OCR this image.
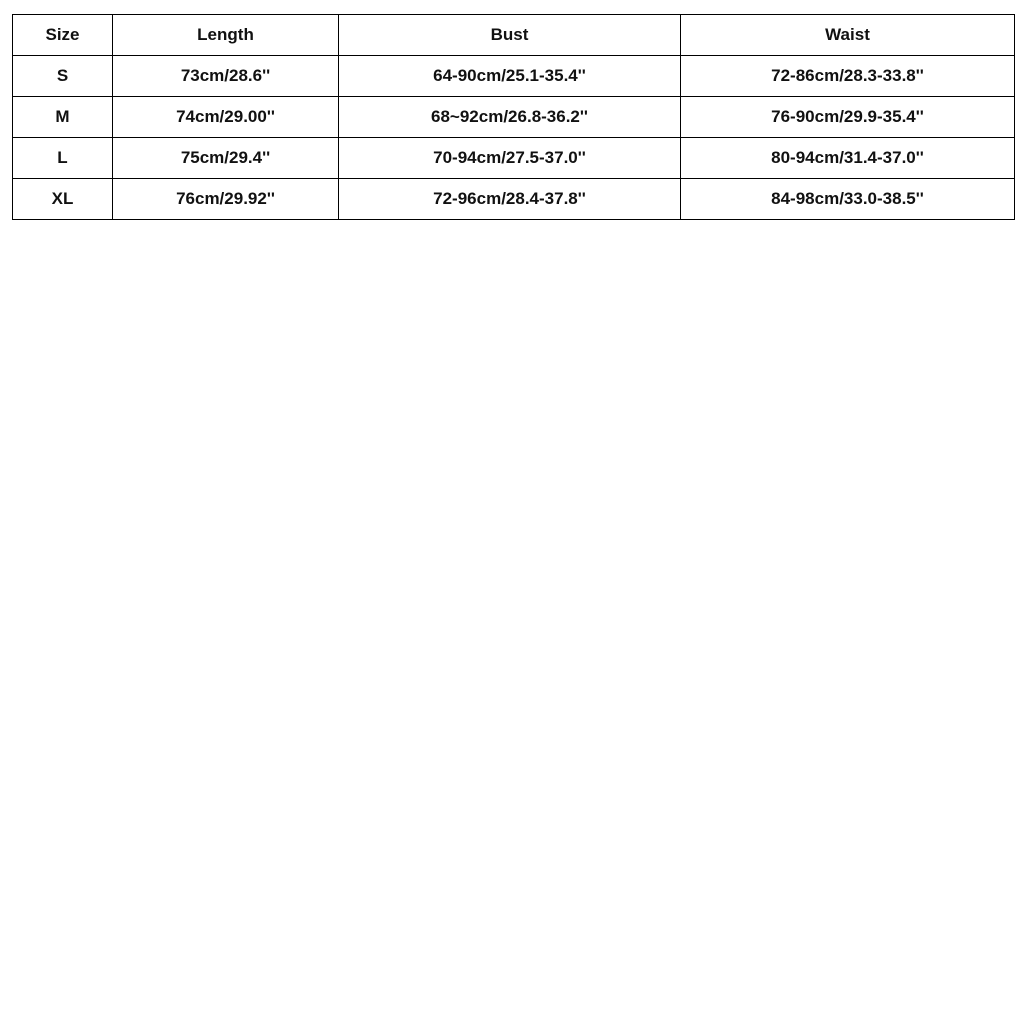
Size	Length	Bust	Waist
S	73cm/28.6''	64-90cm/25.1-35.4''	72-86cm/28.3-33.8''
M	74cm/29.00''	68~92cm/26.8-36.2''	76-90cm/29.9-35.4''
L	75cm/29.4''	70-94cm/27.5-37.0''	80-94cm/31.4-37.0''
XL	76cm/29.92''	72-96cm/28.4-37.8''	84-98cm/33.0-38.5''
